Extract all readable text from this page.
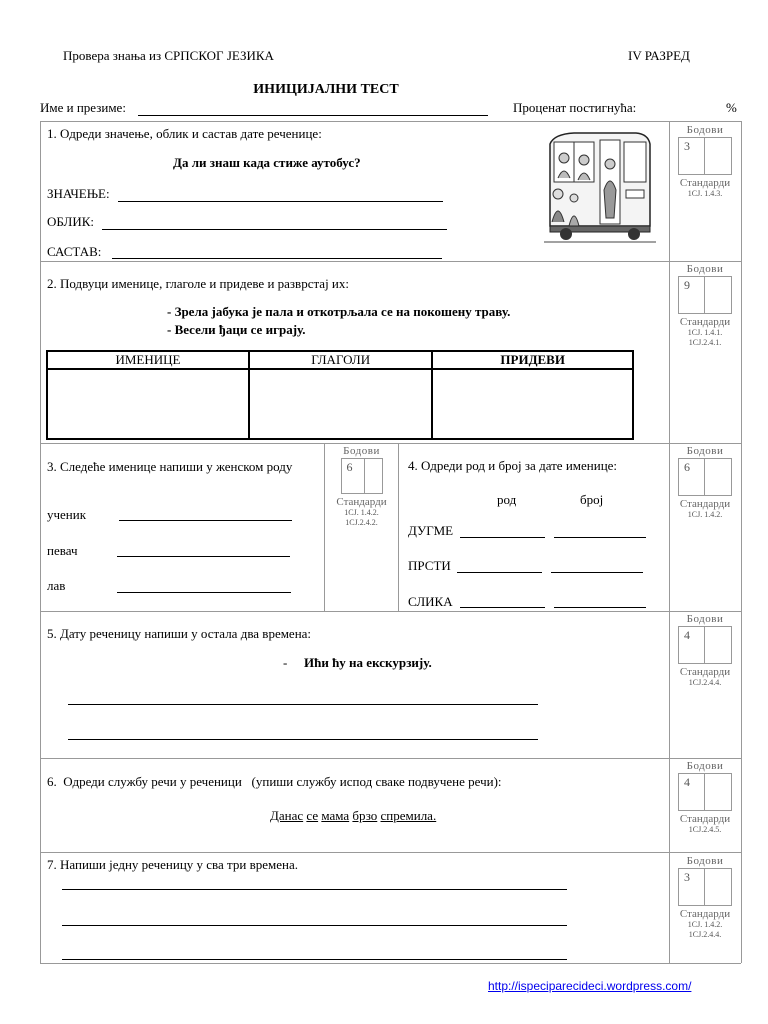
Провера знања из СРПСКОГ ЈЕЗИКА	IV РАЗРЕД
ИНИЦИЈАЛНИ ТЕСТ
Име и презиме:	Проценат постигнућа:	%
1. Одреди значење, облик и састав дате реченице:
Да ли знаш када стиже аутобус?
ЗНАЧЕЊЕ:
ОБЛИК:
САСТАВ:
Бодови
3
Стандарди
1СЈ. 1.4.3.
2. Подвуци именице, глаголе и придеве и разврстај их:
- Зрела јабука је пала и откотрљала се на покошену траву.
- Весели ђаци се играју.
ИМЕНИЦЕ	ГЛАГОЛИ	ПРИДЕВИ

Бодови
9
Стандарди
1СЈ. 1.4.1.
1СЈ.2.4.1.
3. Следеће именице напиши у женском роду
ученик
певач
лав
Бодови
6
Стандарди
1СЈ. 1.4.2.
1СЈ.2.4.2.
4. Одреди род и број за дате именице:
род	број
ДУГМЕ
ПРСТИ
СЛИКА
Бодови
6
Стандарди
1СЈ. 1.4.2.
5. Дату реченицу напиши у остала два времена:
- Ићи ћу на екскурзију.
Бодови
4
Стандарди
1СЈ.2.4.4.
6.  Одреди службу речи у реченици   (упиши службу испод сваке подвучене речи):
Данас се мама брзо спремила.
Бодови
4
Стандарди
1СЈ.2.4.5.
7. Напиши једну реченицу у сва три времена.	Бодови
3
Стандарди
1СЈ. 1.4.2.
1СЈ.2.4.4.
http://ispeciparecideci.wordpress.com/
